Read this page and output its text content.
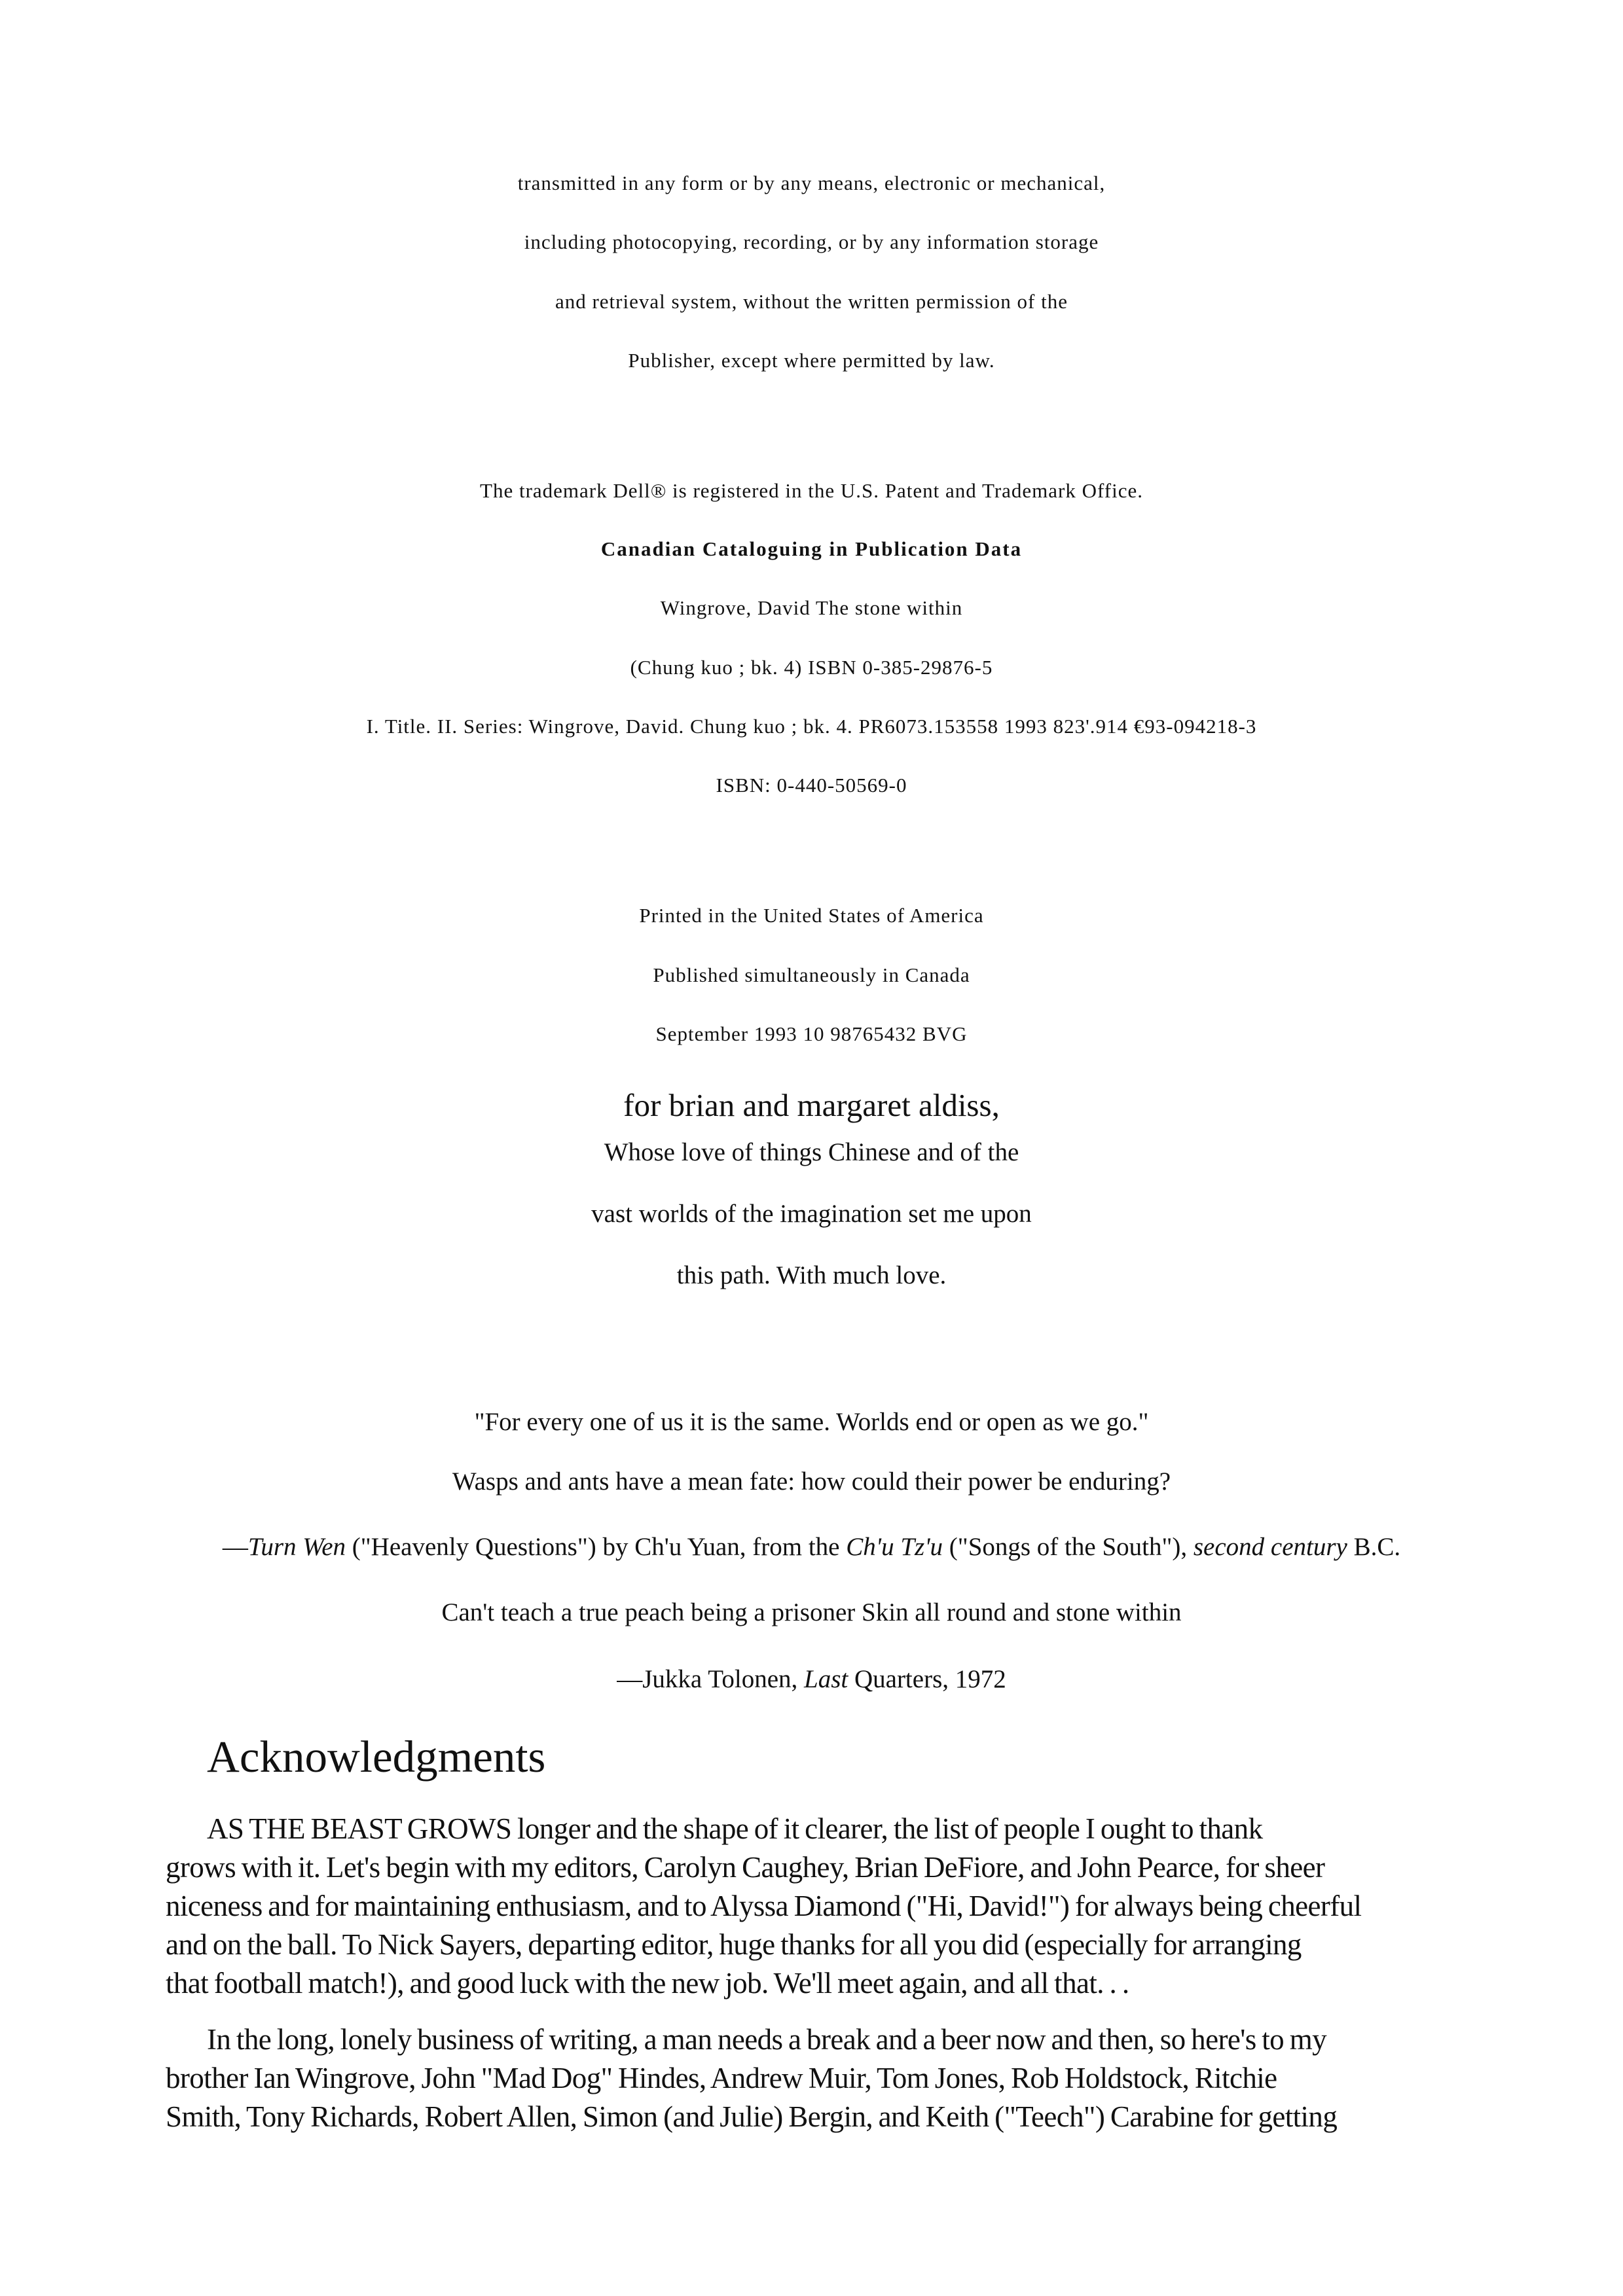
transmitted in any form or by any means, electronic or mechanical,
including photocopying, recording, or by any information storage
and retrieval system, without the written permission of the
Publisher, except where permitted by law.
The trademark Dell® is registered in the U.S. Patent and Trademark Office.
Canadian Cataloguing in Publication Data
Wingrove, David The stone within
(Chung kuo ; bk. 4) ISBN 0-385-29876-5
I. Title. II. Series: Wingrove, David. Chung kuo ; bk. 4. PR6073.153558 1993 823'.914 €93-094218-3
ISBN: 0-440-50569-0
Printed in the United States of America
Published simultaneously in Canada
September 1993 10 98765432 BVG
for brian and margaret aldiss,
Whose love of things Chinese and of the
vast worlds of the imagination set me upon
this path. With much love.
"For every one of us it is the same. Worlds end or open as we go."
Wasps and ants have a mean fate: how could their power be enduring?
—Turn Wen ("Heavenly Questions") by Ch'u Yuan, from the Ch'u Tz'u ("Songs of the South"), second century B.C.
Can't teach a true peach being a prisoner Skin all round and stone within
—Jukka Tolonen, Last Quarters, 1972
Acknowledgments
AS THE BEAST GROWS longer and the shape of it clearer, the list of people I ought to thank
grows with it. Let's begin with my editors, Carolyn Caughey, Brian DeFiore, and John Pearce, for sheer
niceness and for maintaining enthusiasm, and to Alyssa Diamond ("Hi, David!") for always being cheerful
and on the ball. To Nick Sayers, departing editor, huge thanks for all you did (especially for arranging
that football match!), and good luck with the new job. We'll meet again, and all that. . .
In the long, lonely business of writing, a man needs a break and a beer now and then, so here's to my
brother Ian Wingrove, John "Mad Dog" Hindes, Andrew Muir, Tom Jones, Rob Holdstock, Ritchie
Smith, Tony Richards, Robert Allen, Simon (and Julie) Bergin, and Keith ("Teech") Carabine for getting
